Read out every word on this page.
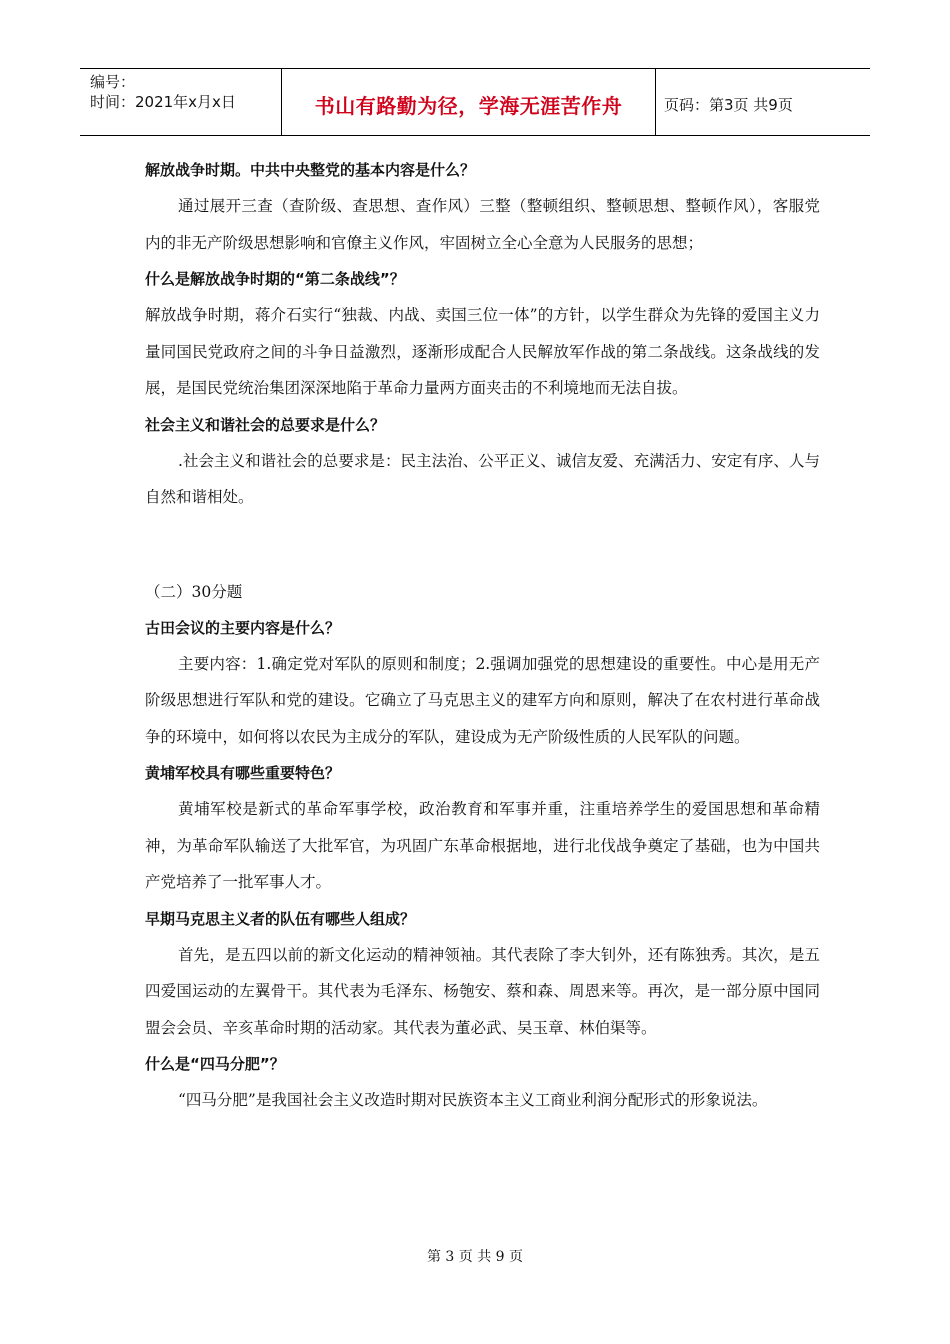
编号：
时间：2021年x月x日	书山有路勤为径，学海无涯苦作舟	页码：第3页 共9页

解放战争时期。中共中央整党的基本内容是什么？

通过展开三查（查阶级、查思想、查作风）三整（整顿组织、整顿思想、整顿作风），客服党内的非无产阶级思想影响和官僚主义作风，牢固树立全心全意为人民服务的思想；

什么是解放战争时期的“第二条战线”？

解放战争时期，蒋介石实行“独裁、内战、卖国三位一体”的方针，以学生群众为先锋的爱国主义力量同国民党政府之间的斗争日益激烈，逐渐形成配合人民解放军作战的第二条战线。这条战线的发展，是国民党统治集团深深地陷于革命力量两方面夹击的不利境地而无法自拔。

社会主义和谐社会的总要求是什么？

.社会主义和谐社会的总要求是：民主法治、公平正义、诚信友爱、充满活力、安定有序、人与自然和谐相处。

（二）30分题

古田会议的主要内容是什么？

主要内容：1.确定党对军队的原则和制度；2.强调加强党的思想建设的重要性。中心是用无产阶级思想进行军队和党的建设。它确立了马克思主义的建军方向和原则，解决了在农村进行革命战争的环境中，如何将以农民为主成分的军队，建设成为无产阶级性质的人民军队的问题。

黄埔军校具有哪些重要特色？

黄埔军校是新式的革命军事学校，政治教育和军事并重，注重培养学生的爱国思想和革命精神，为革命军队输送了大批军官，为巩固广东革命根据地，进行北伐战争奠定了基础，也为中国共产党培养了一批军事人才。

早期马克思主义者的队伍有哪些人组成？

首先，是五四以前的新文化运动的精神领袖。其代表除了李大钊外，还有陈独秀。其次，是五四爱国运动的左翼骨干。其代表为毛泽东、杨匏安、蔡和森、周恩来等。再次，是一部分原中国同盟会会员、辛亥革命时期的活动家。其代表为董必武、吴玉章、林伯渠等。

什么是“四马分肥”？

“四马分肥”是我国社会主义改造时期对民族资本主义工商业利润分配形式的形象说法。

第 3 页 共 9 页
